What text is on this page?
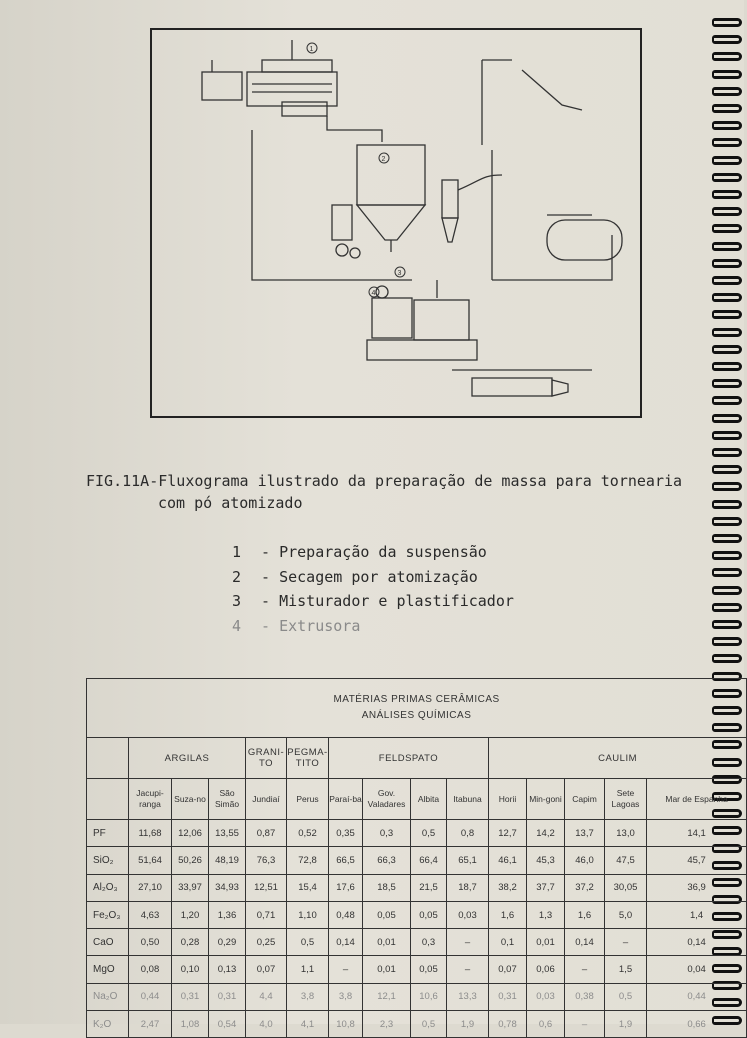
1
2
3
4
FIG.11A-Fluxograma ilustrado da preparação de massa para tornearia
com pó atomizado
1 - Preparação da suspensão
2 - Secagem por atomização
3 - Misturador e plastificador
4 - Extrusora
MATÉRIAS PRIMAS CERÂMICAS
ANÁLISES QUÍMICAS														

	ARGILAS			GRANI-TO	PEGMA-TITO	FELDSPATO				CAULIM				
	Jacupi-ranga	Suza-no	São Simão	Jundiaí	Perus	Paraí-ba	Gov. Valadares	Albita	Itabuna	Horii	Min-goni	Capim	Sete Lagoas	Mar de Espanha
PF	11,68	12,06	13,55	0,87	0,52	0,35	0,3	0,5	0,8	12,7	14,2	13,7	13,0	14,1
SiO₂	51,64	50,26	48,19	76,3	72,8	66,5	66,3	66,4	65,1	46,1	45,3	46,0	47,5	45,7
Al₂O₃	27,10	33,97	34,93	12,51	15,4	17,6	18,5	21,5	18,7	38,2	37,7	37,2	30,05	36,9
Fe₂O₃	4,63	1,20	1,36	0,71	1,10	0,48	0,05	0,05	0,03	1,6	1,3	1,6	5,0	1,4
CaO	0,50	0,28	0,29	0,25	0,5	0,14	0,01	0,3	–	0,1	0,01	0,14	–	0,14
MgO	0,08	0,10	0,13	0,07	1,1	–	0,01	0,05	–	0,07	0,06	–	1,5	0,04
Na₂O	0,44	0,31	0,31	4,4	3,8	3,8	12,1	10,6	13,3	0,31	0,03	0,38	0,5	0,44
K₂O	2,47	1,08	0,54	4,0	4,1	10,8	2,3	0,5	1,9	0,78	0,6	–	1,9	0,66
